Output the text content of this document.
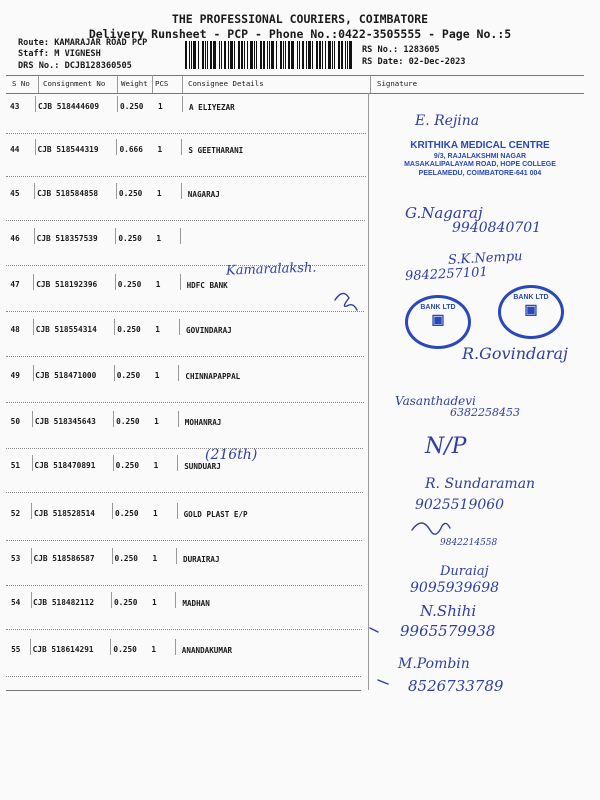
THE PROFESSIONAL COURIERS, COIMBATORE
Delivery Runsheet - PCP - Phone No.:0422-3505555 - Page No.:5
Route: KAMARAJAR ROAD PCP
Staff: M VIGNESH
DRS No.: DCJB128360505
RS No.: 1283605
RS Date: 02-Dec-2023
S No Consignment No Weight PCS	Consignee Details	Signature
43 CJB 518444609	0.250 1	A ELIYEZAR
44 CJB 518544319	0.666 1	S GEETHARANI
45 CJB 518584858	0.250 1	NAGARAJ
46 CJB 518357539	0.250 1
47 CJB 518192396	0.250 1	HDFC BANK
48 CJB 518554314	0.250 1	GOVINDARAJ
49 CJB 518471000	0.250 1	CHINNAPAPPAL
50 CJB 518345643	0.250 1	MOHANRAJ
51 CJB 518470891	0.250 1	SUNDUARJ
52 CJB 518528514	0.250 1	GOLD PLAST E/P
53 CJB 518586587	0.250 1	DURAIRAJ
54 CJB 518482112	0.250 1	MADHAN
55 CJB 518614291	0.250 1	ANANDAKUMAR
E. Rejina
G.Nagaraj
9940840701
S.K.Nempu
9842257101
Kamaralaksh.
R.Govindaraj
Vasanthadevi
6382258453
N/P
(216th)
R. Sundaraman
9025519060
9842214558
Duraiaj
9095939698
N.Shihi
9965579938
M.Pombin
8526733789
KRITHIKA MEDICAL CENTRE
9/3, RAJALAKSHMI NAGAR
MASAKALIPALAYAM ROAD, HOPE COLLEGE
PEELAMEDU, COIMBATORE-641 004
BANK LTD
▣
BANK LTD
▣
